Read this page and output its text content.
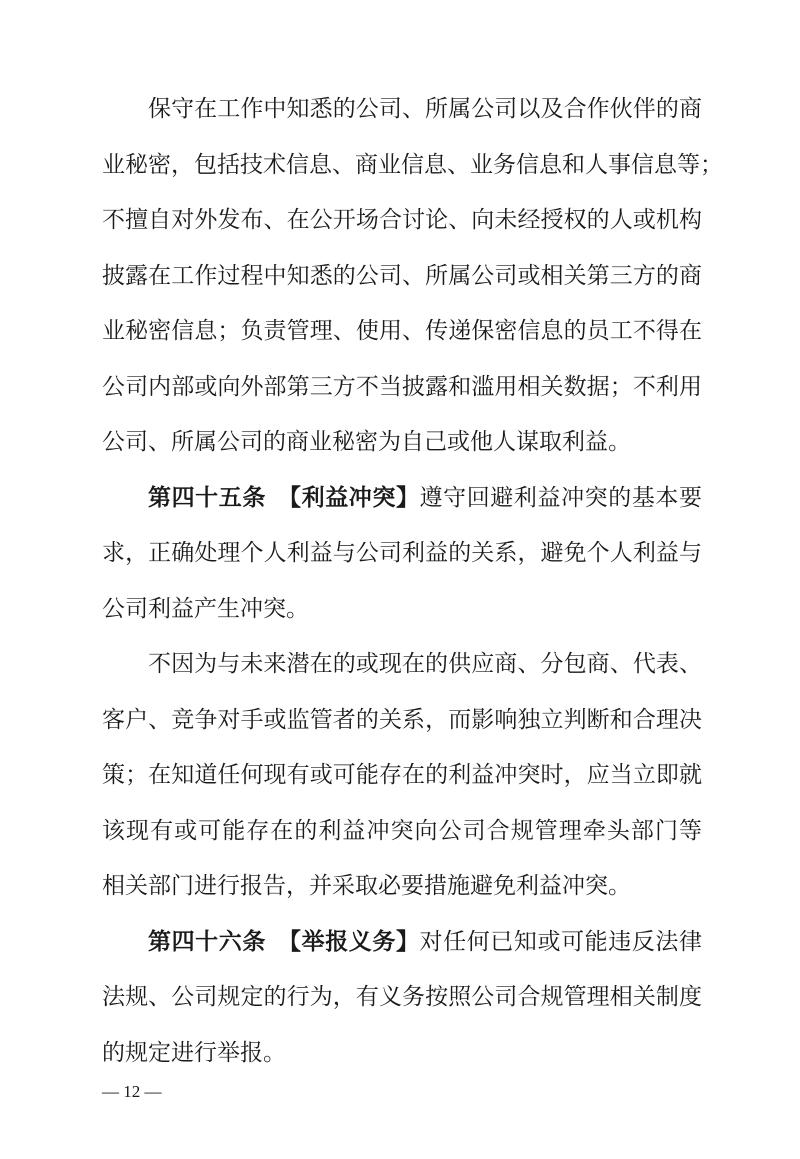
保守在工作中知悉的公司、所属公司以及合作伙伴的商
业秘密，包括技术信息、商业信息、业务信息和人事信息等；
不擅自对外发布、在公开场合讨论、向未经授权的人或机构
披露在工作过程中知悉的公司、所属公司或相关第三方的商
业秘密信息；负责管理、使用、传递保密信息的员工不得在
公司内部或向外部第三方不当披露和滥用相关数据；不利用
公司、所属公司的商业秘密为自己或他人谋取利益。
第四十五条　【利益冲突】遵守回避利益冲突的基本要
求，正确处理个人利益与公司利益的关系，避免个人利益与
公司利益产生冲突。
不因为与未来潜在的或现在的供应商、分包商、代表、
客户、竞争对手或监管者的关系，而影响独立判断和合理决
策；在知道任何现有或可能存在的利益冲突时，应当立即就
该现有或可能存在的利益冲突向公司合规管理牵头部门等
相关部门进行报告，并采取必要措施避免利益冲突。
第四十六条　【举报义务】对任何已知或可能违反法律
法规、公司规定的行为，有义务按照公司合规管理相关制度
— 12 —
的规定进行举报。
